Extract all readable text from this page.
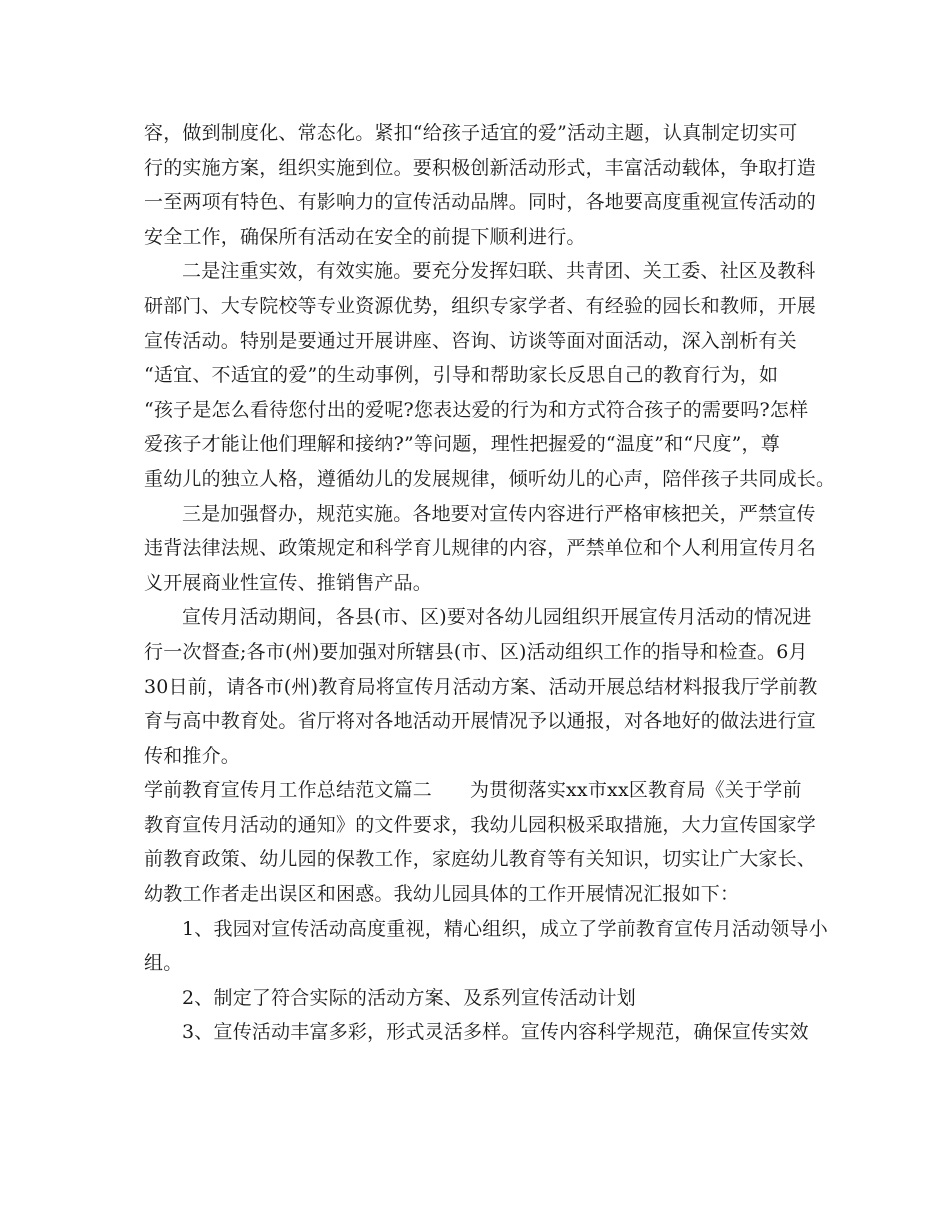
容，做到制度化、常态化。紧扣“给孩子适宜的爱”活动主题，认真制定切实可
行的实施方案，组织实施到位。要积极创新活动形式，丰富活动载体，争取打造
一至两项有特色、有影响力的宣传活动品牌。同时，各地要高度重视宣传活动的
安全工作，确保所有活动在安全的前提下顺利进行。
二是注重实效，有效实施。要充分发挥妇联、共青团、关工委、社区及教科
研部门、大专院校等专业资源优势，组织专家学者、有经验的园长和教师，开展
宣传活动。特别是要通过开展讲座、咨询、访谈等面对面活动，深入剖析有关
“适宜、不适宜的爱”的生动事例，引导和帮助家长反思自己的教育行为，如
“孩子是怎么看待您付出的爱呢?您表达爱的行为和方式符合孩子的需要吗?怎样
爱孩子才能让他们理解和接纳?”等问题，理性把握爱的“温度”和“尺度”，尊
重幼儿的独立人格，遵循幼儿的发展规律，倾听幼儿的心声，陪伴孩子共同成长。
三是加强督办，规范实施。各地要对宣传内容进行严格审核把关，严禁宣传
违背法律法规、政策规定和科学育儿规律的内容，严禁单位和个人利用宣传月名
义开展商业性宣传、推销售产品。
宣传月活动期间，各县(市、区)要对各幼儿园组织开展宣传月活动的情况进
行一次督查;各市(州)要加强对所辖县(市、区)活动组织工作的指导和检查。6月
30日前，请各市(州)教育局将宣传月活动方案、活动开展总结材料报我厅学前教
育与高中教育处。省厅将对各地活动开展情况予以通报，对各地好的做法进行宣
传和推介。
学前教育宣传月工作总结范文篇二 为贯彻落实xx市xx区教育局《关于学前
教育宣传月活动的通知》的文件要求，我幼儿园积极采取措施，大力宣传国家学
前教育政策、幼儿园的保教工作，家庭幼儿教育等有关知识，切实让广大家长、
幼教工作者走出误区和困惑。我幼儿园具体的工作开展情况汇报如下：
1、我园对宣传活动高度重视，精心组织，成立了学前教育宣传月活动领导小
组。
2、制定了符合实际的活动方案、及系列宣传活动计划
3、宣传活动丰富多彩，形式灵活多样。宣传内容科学规范，确保宣传实效
